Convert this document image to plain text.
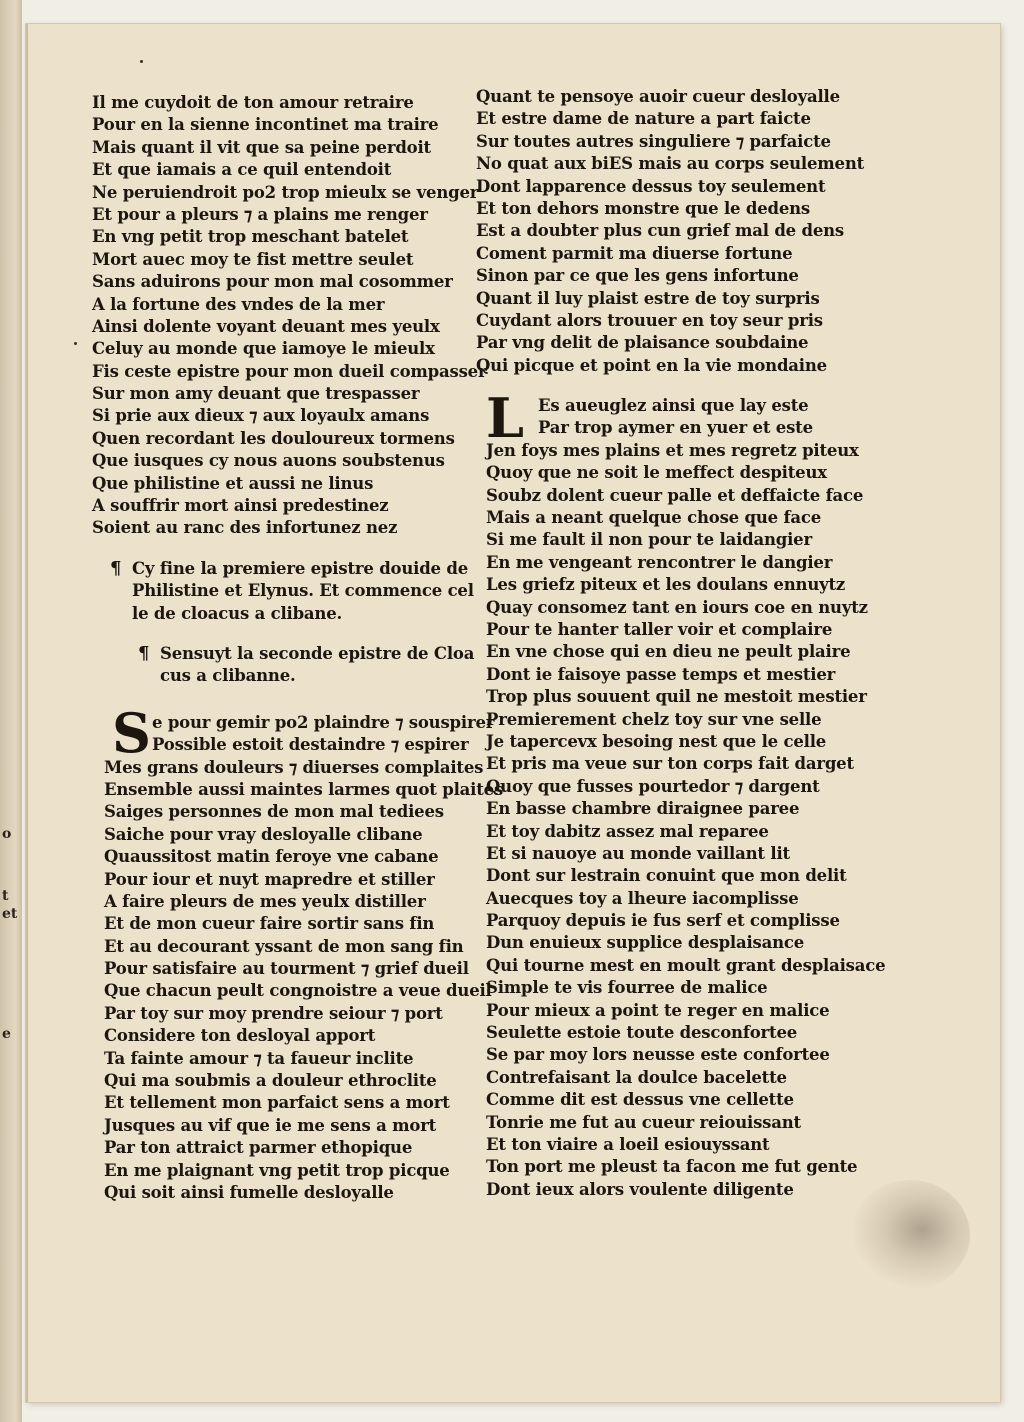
o
t
et
e
Il me cuydoit de ton amour retraire
Pour en la sienne incontinet ma traire
Mais quant il vit que sa peine perdoit
Et que iamais a ce quil entendoit
Ne peruiendroit po2 trop mieulx se venger
Et pour a pleurs ⁊ a plains me renger
En vng petit trop meschant batelet
Mort auec moy te fist mettre seulet
Sans aduirons pour mon mal cosommer
A la fortune des vndes de la mer
Ainsi dolente voyant deuant mes yeulx
Celuy au monde que iamoye le mieulx
Fis ceste epistre pour mon dueil compasser
Sur mon amy deuant que trespasser
Si prie aux dieux ⁊ aux loyaulx amans
Quen recordant les douloureux tormens
Que iusques cy nous auons soubstenus
Que philistine et aussi ne linus
A souffrir mort ainsi predestinez
Soient au ranc des infortunez nez
¶ Cy fine la premiere epistre douide de
Philistine et Elynus. Et commence cel
le de cloacus a clibane.
¶ Sensuyt la seconde epistre de Cloa
cus a clibanne.
S e pour gemir po2 plaindre ⁊ souspirer
Possible estoit destaindre ⁊ espirer
Mes grans douleurs ⁊ diuerses complaites
Ensemble aussi maintes larmes quot plaites
Saiges personnes de mon mal tediees
Saiche pour vray desloyalle clibane
Quaussitost matin feroye vne cabane
Pour iour et nuyt mapredre et stiller
A faire pleurs de mes yeulx distiller
Et de mon cueur faire sortir sans fin
Et au decourant yssant de mon sang fin
Pour satisfaire au tourment ⁊ grief dueil
Que chacun peult congnoistre a veue dueil
Par toy sur moy prendre seiour ⁊ port
Considere ton desloyal apport
Ta fainte amour ⁊ ta faueur inclite
Qui ma soubmis a douleur ethroclite
Et tellement mon parfaict sens a mort
Jusques au vif que ie me sens a mort
Par ton attraict parmer ethopique
En me plaignant vng petit trop picque
Qui soit ainsi fumelle desloyalle
Quant te pensoye auoir cueur desloyalle
Et estre dame de nature a part faicte
Sur toutes autres singuliere ⁊ parfaicte
No quat aux biES mais au corps seulement
Dont lapparence dessus toy seulement
Et ton dehors monstre que le dedens
Est a doubter plus cun grief mal de dens
Coment parmit ma diuerse fortune
Sinon par ce que les gens infortune
Quant il luy plaist estre de toy surpris
Cuydant alors trouuer en toy seur pris
Par vng delit de plaisance soubdaine
Qui picque et point en la vie mondaine
L Es aueuglez ainsi que lay este
Par trop aymer en yuer et este
Jen foys mes plains et mes regretz piteux
Quoy que ne soit le meffect despiteux
Soubz dolent cueur palle et deffaicte face
Mais a neant quelque chose que face
Si me fault il non pour te laidangier
En me vengeant rencontrer le dangier
Les griefz piteux et les doulans ennuytz
Quay consomez tant en iours coe en nuytz
Pour te hanter taller voir et complaire
En vne chose qui en dieu ne peult plaire
Dont ie faisoye passe temps et mestier
Trop plus souuent quil ne mestoit mestier
Premierement chelz toy sur vne selle
Je tapercevx besoing nest que le celle
Et pris ma veue sur ton corps fait darget
Quoy que fusses pourtedor ⁊ dargent
En basse chambre diraignee paree
Et toy dabitz assez mal reparee
Et si nauoye au monde vaillant lit
Dont sur lestrain conuint que mon delit
Auecques toy a lheure iacomplisse
Parquoy depuis ie fus serf et complisse
Dun enuieux supplice desplaisance
Qui tourne mest en moult grant desplaisace
Simple te vis fourree de malice
Pour mieux a point te reger en malice
Seulette estoie toute desconfortee
Se par moy lors neusse este confortee
Contrefaisant la doulce bacelette
Comme dit est dessus vne cellette
Tonrie me fut au cueur reiouissant
Et ton viaire a loeil esiouyssant
Ton port me pleust ta facon me fut gente
Dont ieux alors voulente diligente
